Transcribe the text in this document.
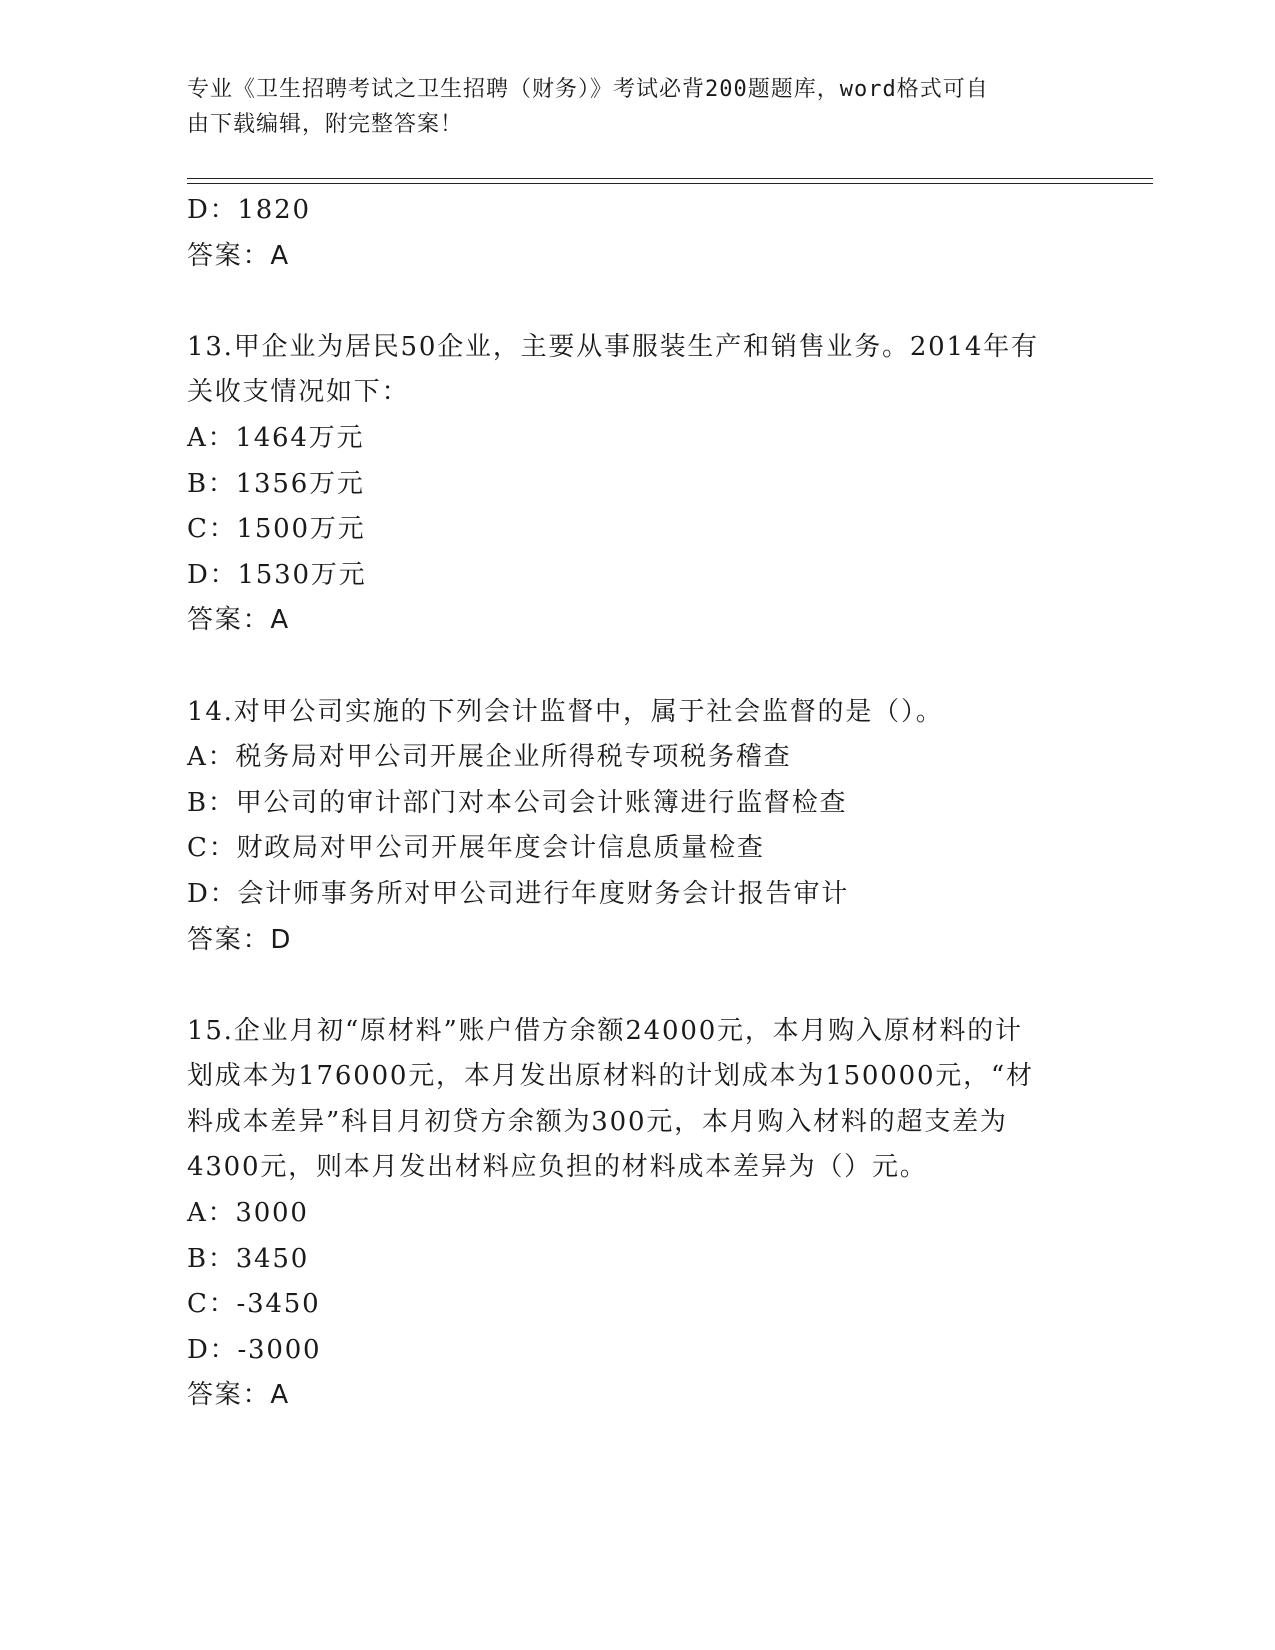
专业《卫生招聘考试之卫生招聘（财务）》考试必背200题题库，word格式可自
由下载编辑，附完整答案！
D：1820
答案：A
13.甲企业为居民50企业，主要从事服装生产和销售业务。2014年有
关收支情况如下：
A：1464万元
B：1356万元
C：1500万元
D：1530万元
答案：A
14.对甲公司实施的下列会计监督中，属于社会监督的是（）。
A：税务局对甲公司开展企业所得税专项税务稽查
B：甲公司的审计部门对本公司会计账簿进行监督检查
C：财政局对甲公司开展年度会计信息质量检查
D：会计师事务所对甲公司进行年度财务会计报告审计
答案：D
15.企业月初“原材料”账户借方余额24000元，本月购入原材料的计
划成本为176000元，本月发出原材料的计划成本为150000元，“材
料成本差异”科目月初贷方余额为300元，本月购入材料的超支差为
4300元，则本月发出材料应负担的材料成本差异为（）元。
A：3000
B：3450
C：-3450
D：-3000
答案：A
